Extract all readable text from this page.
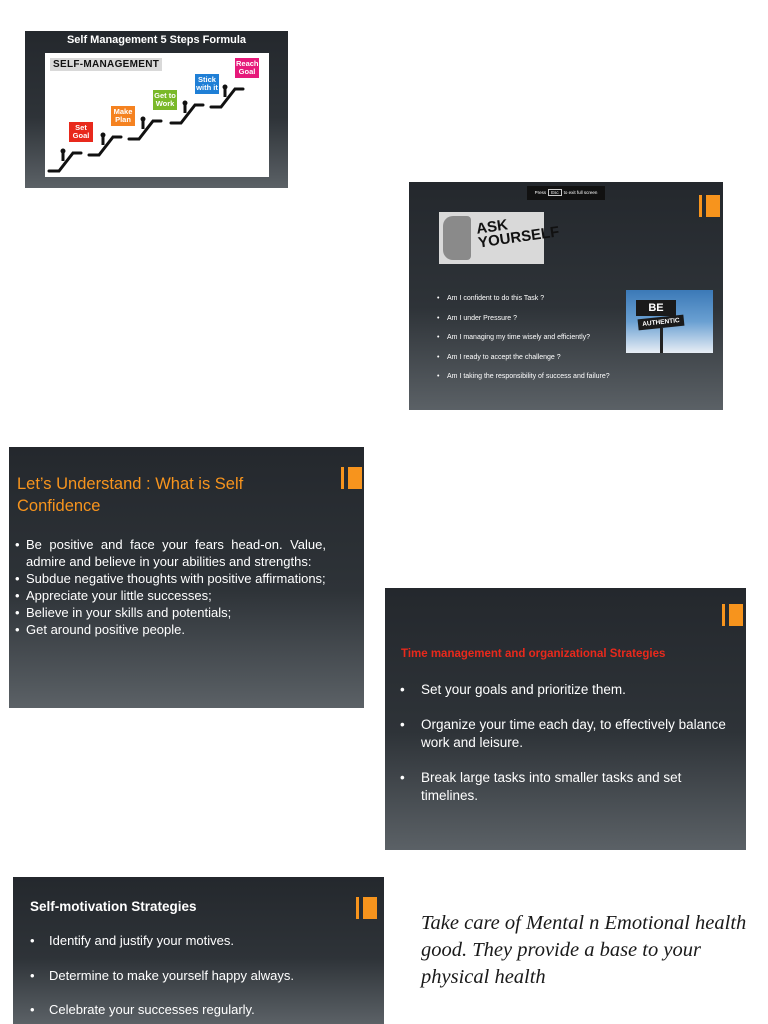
Self Management 5 Steps Formula
SELF-MANAGEMENT
Set Goal
Make Plan
Get to Work
Stick with it
Reach Goal
Press Esc to exit full screen
ASK YOURSELF
BE
AUTHENTIC
• Am I confident to do this Task ?
• Am I under Pressure ?
• Am I managing my time wisely and efficiently?
• Am I ready to accept the challenge ?
• Am I taking the responsibility of success and failure?
Let’s Understand : What is Self Confidence
• Be positive and face your fears head-on. Value, admire and believe in your abilities and strengths:
• Subdue negative thoughts with positive affirmations;
• Appreciate your little successes;
• Believe in your skills and potentials;
• Get around positive people.
Time management and organizational Strategies
• Set your goals and prioritize them.
• Organize your time each day, to effectively balance work and leisure.
• Break large tasks into smaller tasks and set timelines.
Self-motivation Strategies
• Identify and justify your motives.
• Determine to make yourself happy always.
• Celebrate your successes regularly.
Take care of Mental n Emotional health good. They provide a base to your physical health
